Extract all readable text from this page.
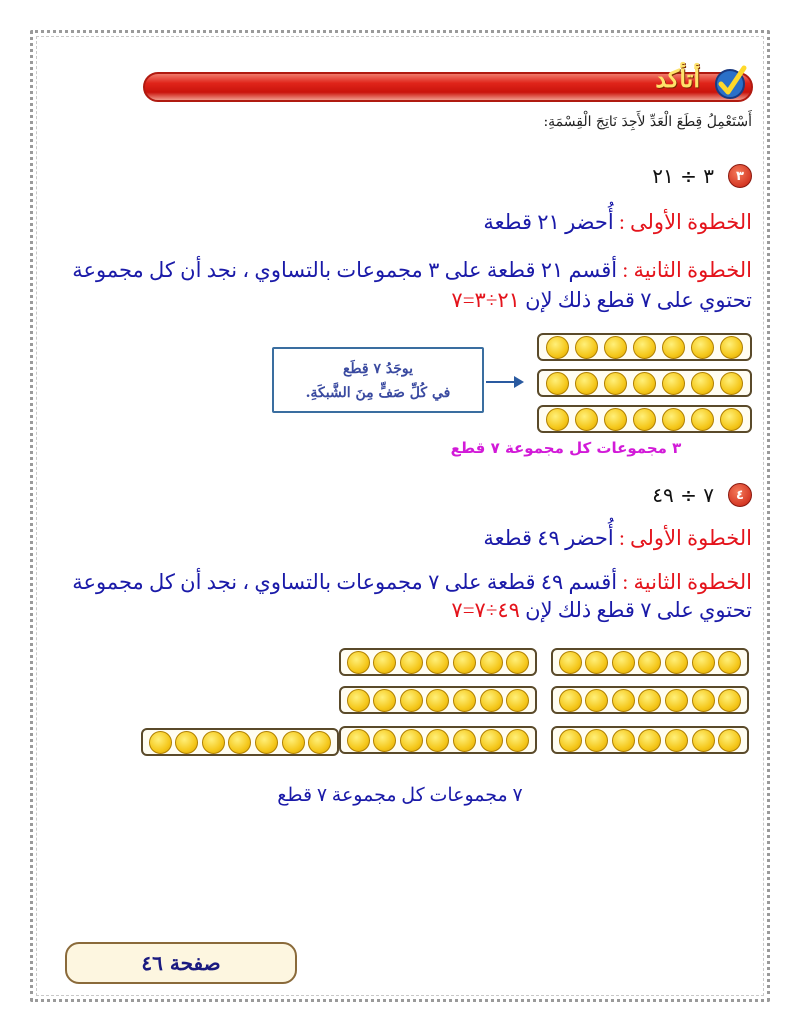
أتأكد
أَسْتَعْمِلُ قِطَعَ الْعَدِّ لأَجِدَ نَاتِجَ الْقِسْمَةِ:
٣
٣ ÷ ٢١
الخطوة الأولى : أُحضر ٢١ قطعة
الخطوة الثانية : أقسم ٢١ قطعة على ٣ مجموعات بالتساوي ، نجد أن كل مجموعة
تحتوي على ٧ قطع ذلك لإن ٢١÷٣=٧
يوجَدُ ٧ قِطَع
في كُلِّ صَفٍّ مِنَ الشَّبكَةِ.
٣ مجموعات كل مجموعة ٧ قطع
٤
٧ ÷ ٤٩
الخطوة الأولى : أُحضر ٤٩ قطعة
الخطوة الثانية : أقسم ٤٩ قطعة على ٧ مجموعات بالتساوي ، نجد أن كل مجموعة
تحتوي على ٧ قطع ذلك لإن ٤٩÷٧=٧
٧ مجموعات كل مجموعة ٧ قطع
صفحة ٤٦
